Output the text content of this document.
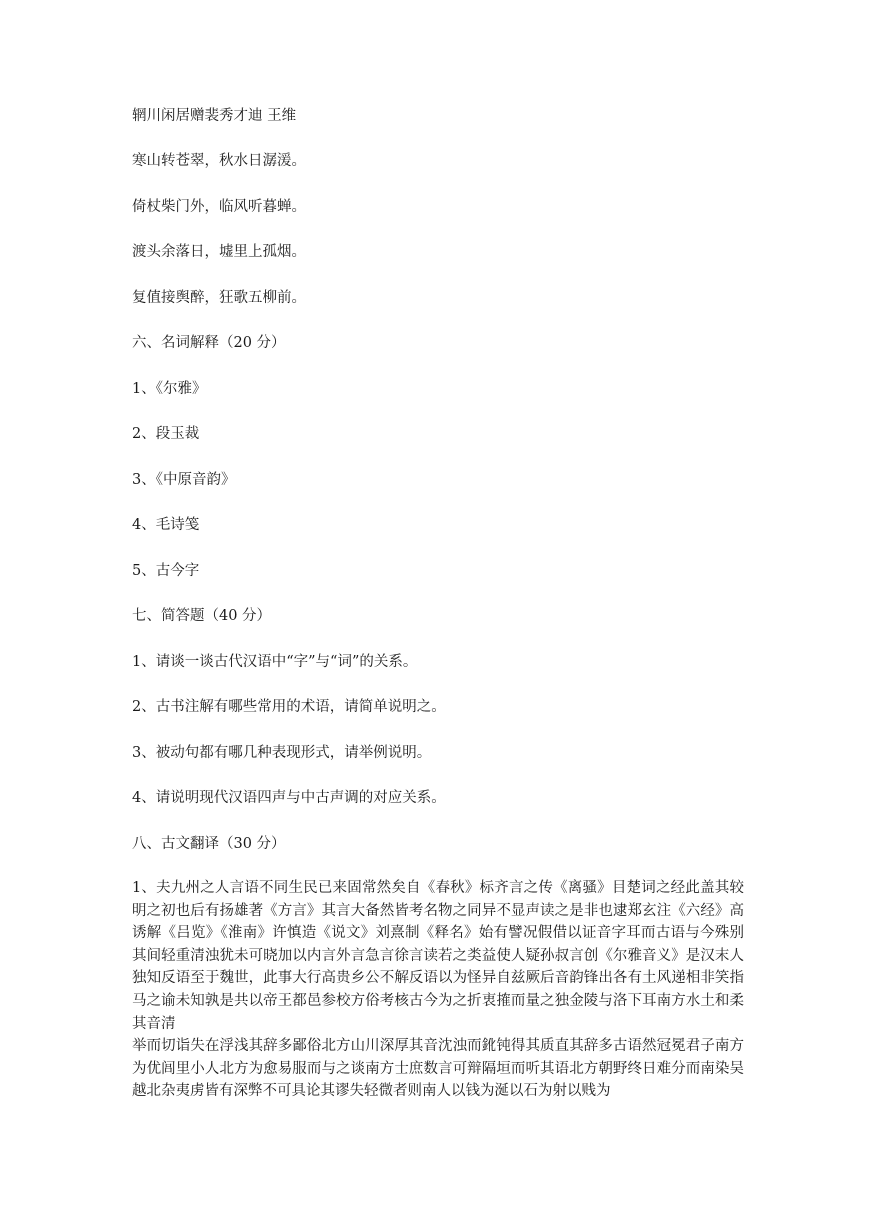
辋川闲居赠裴秀才迪 王维
寒山转苍翠，秋水日潺湲。
倚杖柴门外，临风听暮蝉。
渡头余落日，墟里上孤烟。
复值接舆醉，狂歌五柳前。
六、名词解释（20 分）
1、《尔雅》
2、段玉裁
3、《中原音韵》
4、毛诗笺
5、古今字
七、简答题（40 分）
1、请谈一谈古代汉语中“字”与“词”的关系。
2、古书注解有哪些常用的术语，请简单说明之。
3、被动句都有哪几种表现形式，请举例说明。
4、请说明现代汉语四声与中古声调的对应关系。
八、古文翻译（30 分）

1、夫九州之人言语不同生民已来固常然矣自《春秋》标齐言之传《离骚》目楚词之经此盖其较明之初也后有扬雄著《方言》其言大备然皆考名物之同异不显声读之是非也逮郑玄注《六经》高诱解《吕览》《淮南》许慎造《说文》刘熹制《释名》始有譬况假借以证音字耳而古语与今殊别其间轻重清浊犹未可晓加以内言外言急言徐言读若之类益使人疑孙叔言创《尔雅音义》是汉末人独知反语至于魏世，此事大行高贵乡公不解反语以为怪异自兹厥后音韵锋出各有土风递相非笑指马之谕未知孰是共以帝王都邑参校方俗考核古今为之折衷搉而量之独金陵与洛下耳南方水土和柔其音清

举而切诣失在浮浅其辞多鄙俗北方山川深厚其音沈浊而鈋钝得其质直其辞多古语然冠冕君子南方为优闾里小人北方为愈易服而与之谈南方士庶数言可辩隔垣而听其语北方朝野终日难分而南染吴越北杂夷虏皆有深弊不可具论其谬失轻微者则南人以钱为涎以石为射以贱为
